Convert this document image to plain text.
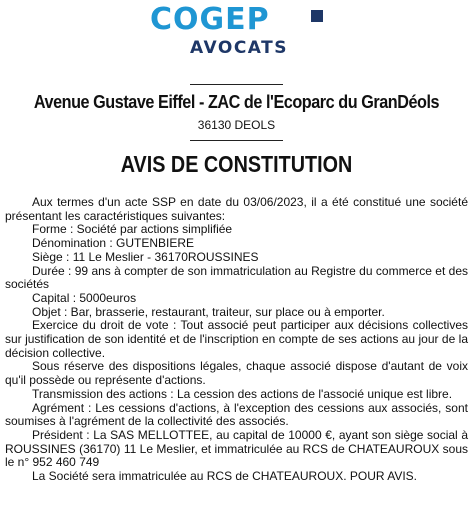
COGEP
AVOCATS
Avenue Gustave Eiffel - ZAC de l'Ecoparc du GranDéols
36130 DEOLS
AVIS DE CONSTITUTION

Aux termes d'un acte SSP en date du 03/06/2023, il a été constitué une société présentant les caractéristiques suivantes:

Forme : Société par actions simplifiée

Dénomination : GUTENBIERE

Siège : 11 Le Meslier - 36170ROUSSINES

Durée : 99 ans à compter de son immatriculation au Registre du commerce et des sociétés

Capital : 5000euros

Objet : Bar, brasserie, restaurant, traiteur, sur place ou à emporter.

Exercice du droit de vote : Tout associé peut participer aux décisions collectives sur justification de son identité et de l'inscription en compte de ses actions au jour de la décision collective.

Sous réserve des dispositions légales, chaque associé dispose d'autant de voix qu'il possède ou représente d'actions.

Transmission des actions : La cession des actions de l'associé unique est libre.

Agrément : Les cessions d'actions, à l'exception des cessions aux associés, sont soumises à l'agrément de la collectivité des associés.

Président : La SAS MELLOTTEE, au capital de 10000 €, ayant son siège social à ROUSSINES (36170) 11 Le Meslier, et immatriculée au RCS de CHATEAUROUX sous le n° 952 460 749

La Société sera immatriculée au RCS de CHATEAUROUX. POUR AVIS.
